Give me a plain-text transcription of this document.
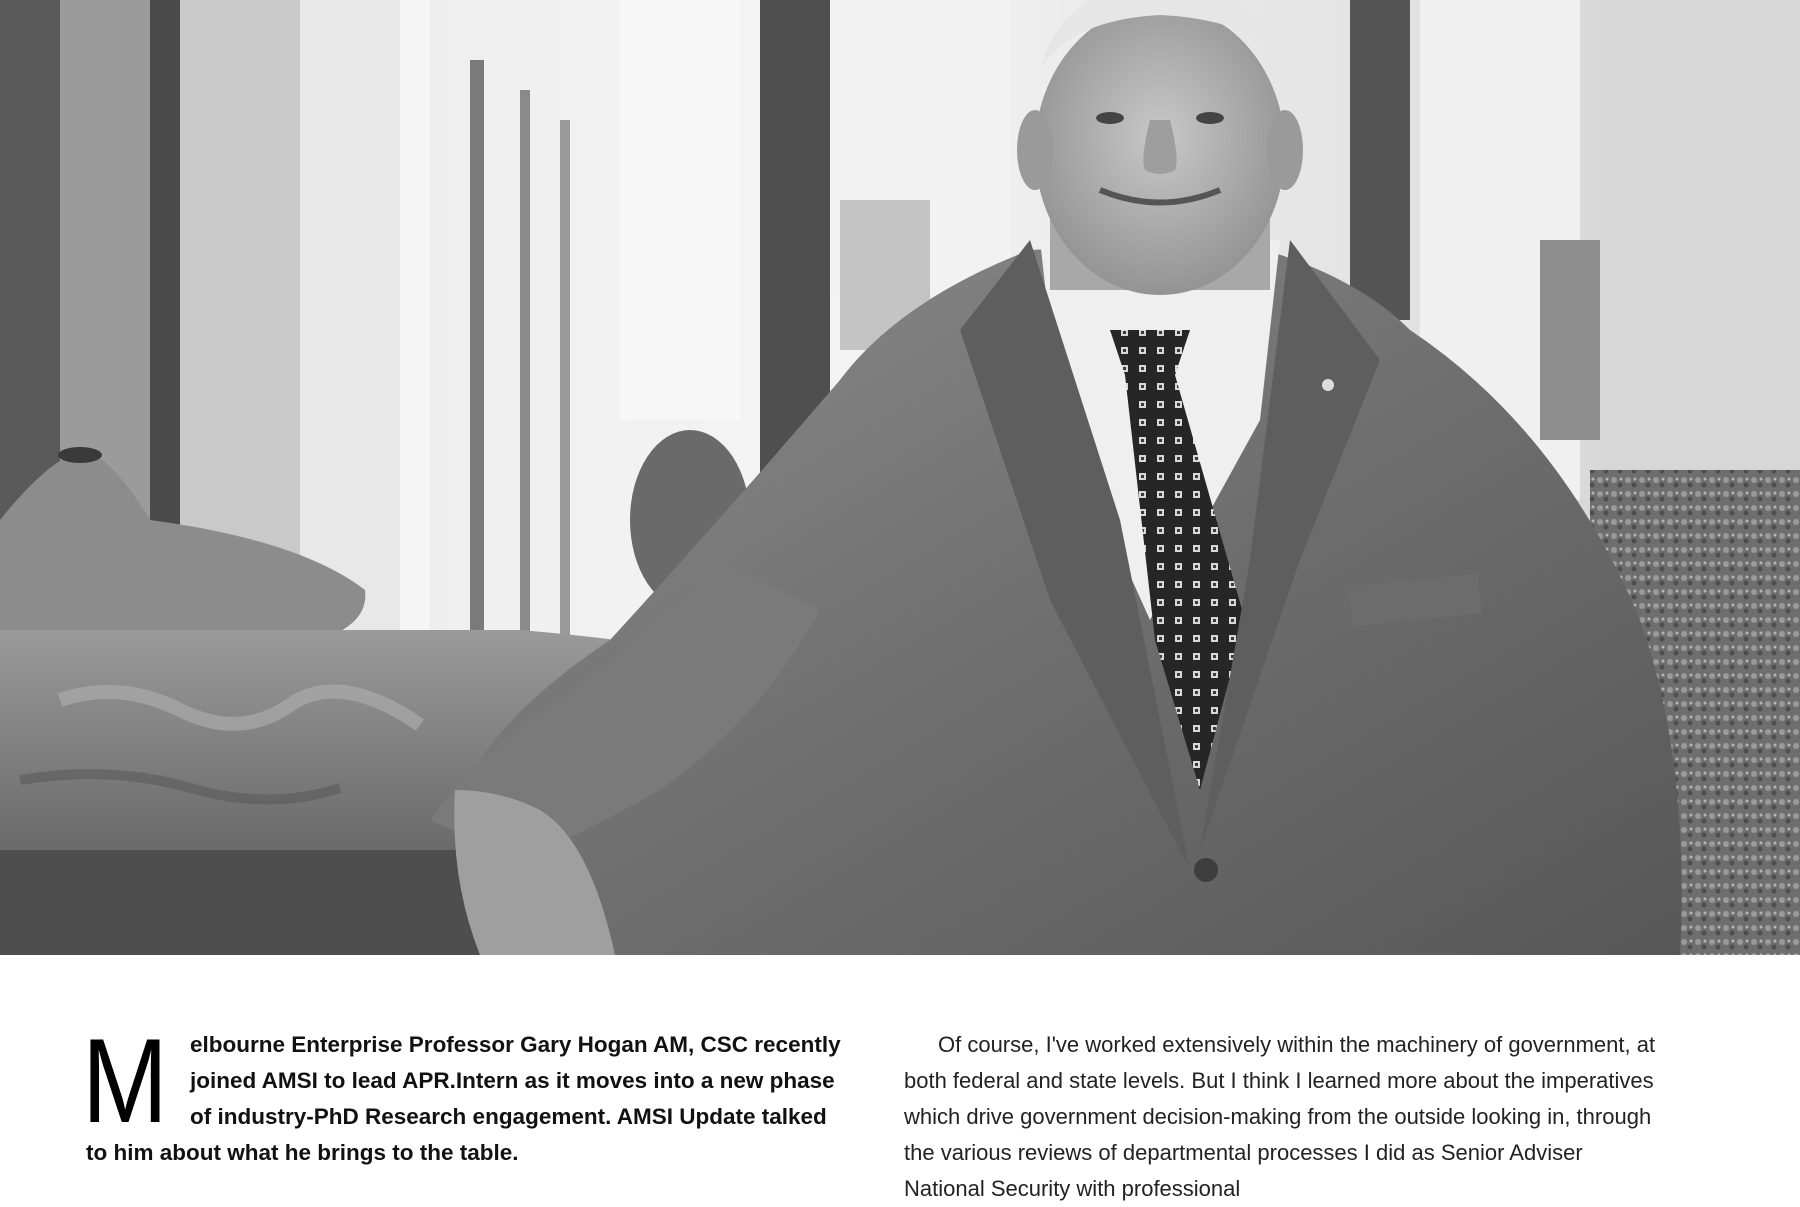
M elbourne Enterprise Professor Gary Hogan AM, CSC recently joined AMSI to lead APR.Intern as it moves into a new phase of industry-PhD Research engagement. AMSI Update talked to him about what he brings to the table.

Of course, I've worked extensively within the machinery of government, at both federal and state levels. But I think I learned more about the imperatives which drive government decision-making from the outside looking in, through the various reviews of departmental processes I did as Senior Adviser National Security with professional
